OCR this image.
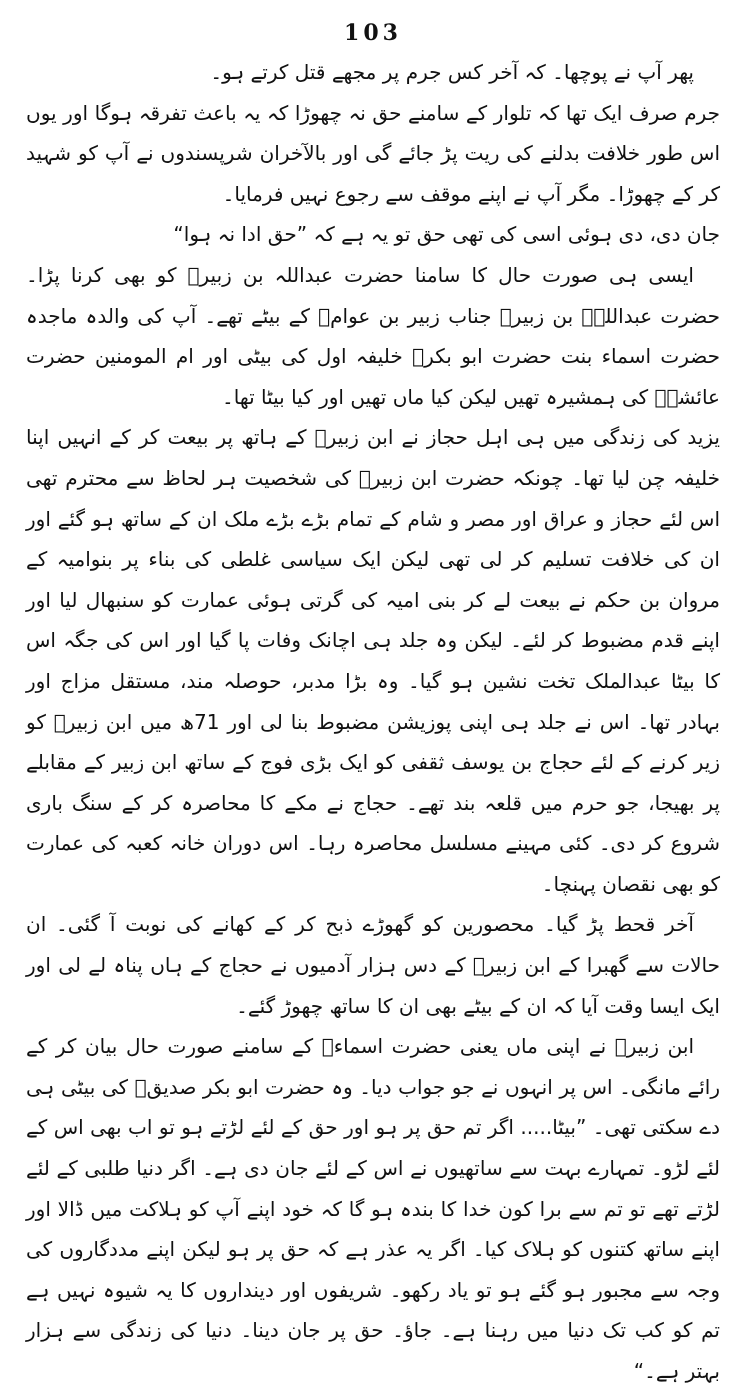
103

پھر آپ نے پوچھا۔ کہ آخر کس جرم پر مجھے قتل کرتے ہو۔

جرم صرف ایک تھا کہ تلوار کے سامنے حق نہ چھوڑا کہ یہ باعث تفرقہ ہوگا اور یوں اس طور خلافت بدلنے کی ریت پڑ جائے گی اور بالآخران شرپسندوں نے آپ کو شہید کر کے چھوڑا۔ مگر آپ نے اپنے موقف سے رجوع نہیں فرمایا۔

جان دی، دی ہوئی اسی کی تھی حق تو یہ ہے کہ ”حق ادا نہ ہوا“

ایسی ہی صورت حال کا سامنا حضرت عبداللہ بن زبیرؓ کو بھی کرنا پڑا۔ حضرت عبداللہؓ بن زبیرؓ جناب زبیر بن عوامؓ کے بیٹے تھے۔ آپ کی والدہ ماجدہ حضرت اسماء بنت حضرت ابو بکرؓ خلیفہ اول کی بیٹی اور ام المومنین حضرت عائشہؓ کی ہمشیرہ تھیں لیکن کیا ماں تھیں اور کیا بیٹا تھا۔

یزید کی زندگی میں ہی اہل حجاز نے ابن زبیرؓ کے ہاتھ پر بیعت کر کے انہیں اپنا خلیفہ چن لیا تھا۔ چونکہ حضرت ابن زبیرؓ کی شخصیت ہر لحاظ سے محترم تھی اس لئے حجاز و عراق اور مصر و شام کے تمام بڑے بڑے ملک ان کے ساتھ ہو گئے اور ان کی خلافت تسلیم کر لی تھی لیکن ایک سیاسی غلطی کی بناء پر بنوامیہ کے مروان بن حکم نے بیعت لے کر بنی امیہ کی گرتی ہوئی عمارت کو سنبھال لیا اور اپنے قدم مضبوط کر لئے۔ لیکن وہ جلد ہی اچانک وفات پا گیا اور اس کی جگہ اس کا بیٹا عبدالملک تخت نشین ہو گیا۔ وہ بڑا مدبر، حوصلہ مند، مستقل مزاج اور بہادر تھا۔ اس نے جلد ہی اپنی پوزیشن مضبوط بنا لی اور 71ھ میں ابن زبیرؓ کو زیر کرنے کے لئے حجاج بن یوسف ثقفی کو ایک بڑی فوج کے ساتھ ابن زبیر کے مقابلے پر بھیجا، جو حرم میں قلعہ بند تھے۔ حجاج نے مکے کا محاصرہ کر کے سنگ باری شروع کر دی۔ کئی مہینے مسلسل محاصرہ رہا۔ اس دوران خانہ کعبہ کی عمارت کو بھی نقصان پہنچا۔

آخر قحط پڑ گیا۔ محصورین کو گھوڑے ذبح کر کے کھانے کی نوبت آ گئی۔ ان حالات سے گھبرا کے ابن زبیرؓ کے دس ہزار آدمیوں نے حجاج کے ہاں پناہ لے لی اور ایک ایسا وقت آیا کہ ان کے بیٹے بھی ان کا ساتھ چھوڑ گئے۔

ابن زبیرؓ نے اپنی ماں یعنی حضرت اسماءؓ کے سامنے صورت حال بیان کر کے رائے مانگی۔ اس پر انہوں نے جو جواب دیا۔ وہ حضرت ابو بکر صدیقؓ کی بیٹی ہی دے سکتی تھی۔ ”بیٹا..... اگر تم حق پر ہو اور حق کے لئے لڑتے ہو تو اب بھی اس کے لئے لڑو۔ تمہارے بہت سے ساتھیوں نے اس کے لئے جان دی ہے۔ اگر دنیا طلبی کے لئے لڑتے تھے تو تم سے برا کون خدا کا بندہ ہو گا کہ خود اپنے آپ کو ہلاکت میں ڈالا اور اپنے ساتھ کتنوں کو ہلاک کیا۔ اگر یہ عذر ہے کہ حق پر ہو لیکن اپنے مددگاروں کی وجہ سے مجبور ہو گئے ہو تو یاد رکھو۔ شریفوں اور دینداروں کا یہ شیوہ نہیں ہے تم کو کب تک دنیا میں رہنا ہے۔ جاؤ۔ حق پر جان دینا۔ دنیا کی زندگی سے ہزار بہتر ہے۔“
